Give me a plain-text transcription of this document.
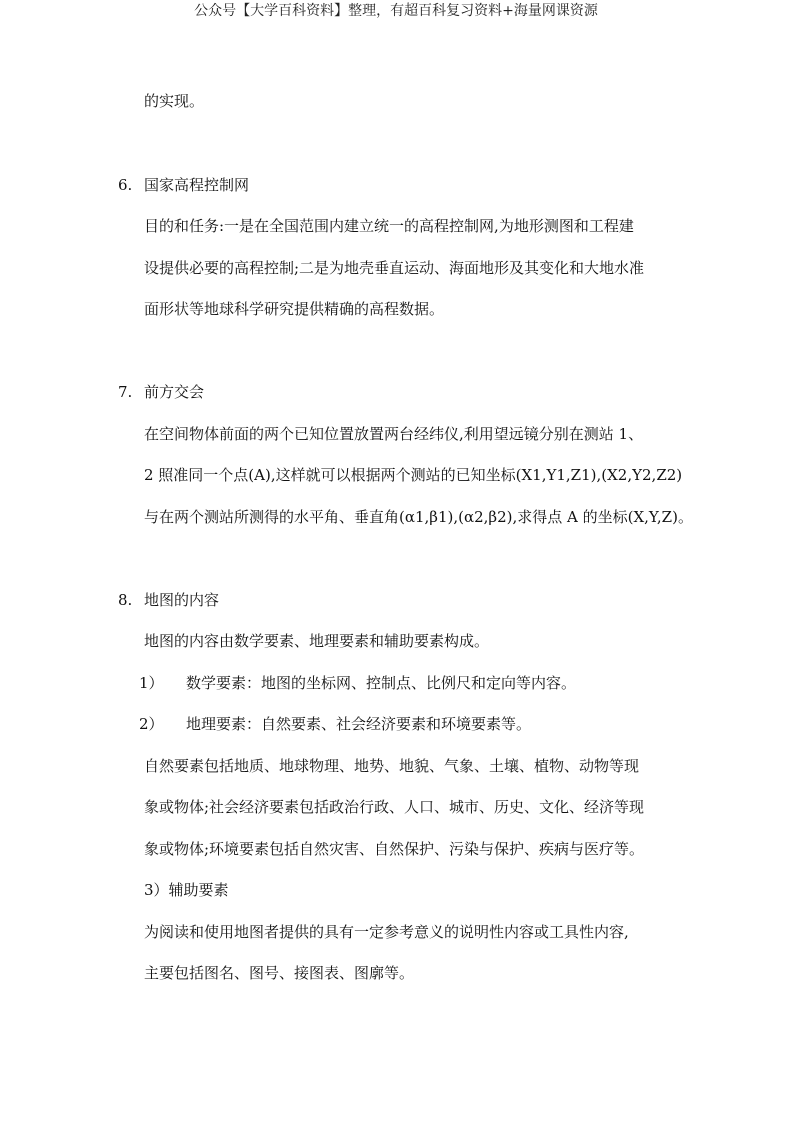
公众号【大学百科资料】整理，有超百科复习资料+海量网课资源
的实现。
6. 国家高程控制网
目的和任务:一是在全国范围内建立统一的高程控制网,为地形测图和工程建
设提供必要的高程控制;二是为地壳垂直运动、海面地形及其变化和大地水准
面形状等地球科学研究提供精确的高程数据。
7. 前方交会
在空间物体前面的两个已知位置放置两台经纬仪,利用望远镜分别在测站 1、
2 照准同一个点(A),这样就可以根据两个测站的已知坐标(X1,Y1,Z1),(X2,Y2,Z2)
与在两个测站所测得的水平角、垂直角(α1,β1),(α2,β2),求得点 A 的坐标(X,Y,Z)。
8. 地图的内容
地图的内容由数学要素、地理要素和辅助要素构成。
1） 数学要素：地图的坐标网、控制点、比例尺和定向等内容。
2） 地理要素：自然要素、社会经济要素和环境要素等。
自然要素包括地质、地球物理、地势、地貌、气象、土壤、植物、动物等现
象或物体;社会经济要素包括政治行政、人口、城市、历史、文化、经济等现
象或物体;环境要素包括自然灾害、自然保护、污染与保护、疾病与医疗等。
3）辅助要素
为阅读和使用地图者提供的具有一定参考意义的说明性内容或工具性内容,
主要包括图名、图号、接图表、图廓等。
